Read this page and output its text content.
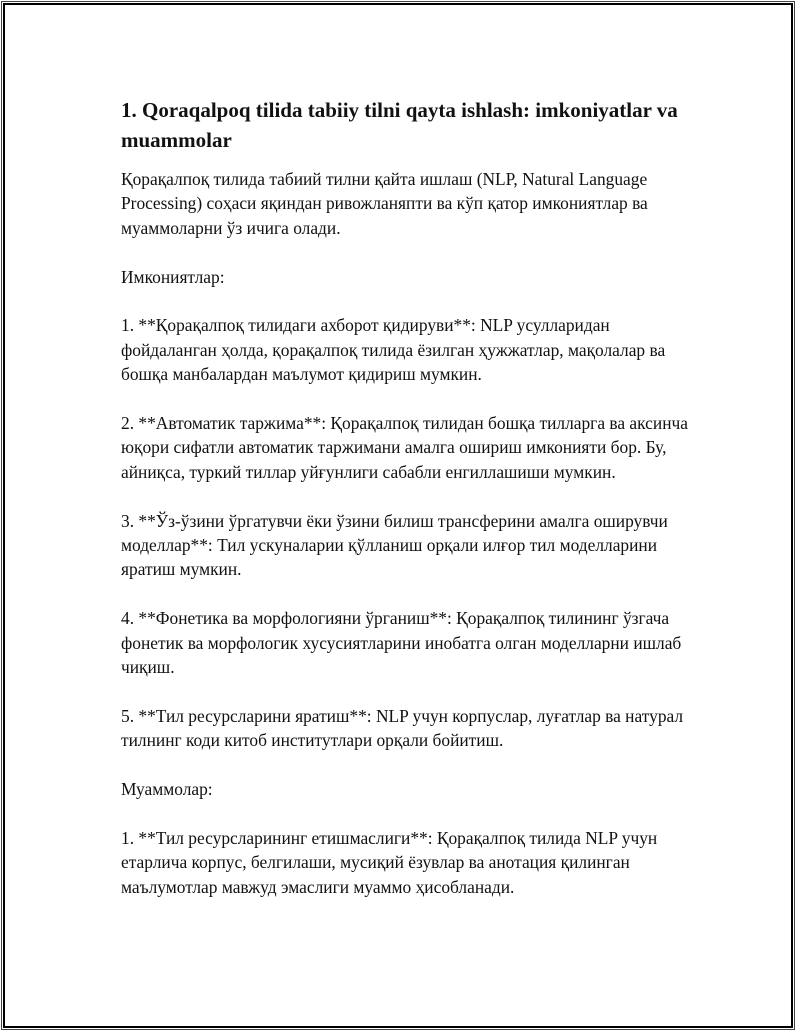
1. Qoraqalpoq tilida tabiiy tilni qayta ishlash: imkoniyatlar va muammolar

Қорақалпоқ тилида табиий тилни қайта ишлаш (NLP, Natural Language Processing) соҳаси яқиндан ривожланяпти ва кўп қатор имкониятлар ва муаммоларни ўз ичига олади.

Имкониятлар:

1. **Қорақалпоқ тилидаги ахборот қидируви**: NLP усулларидан фойдаланган ҳолда, қорақалпоқ тилида ёзилган ҳужжатлар, мақолалар ва бошқа манбалардан маълумот қидириш мумкин.

2. **Автоматик таржима**: Қорақалпоқ тилидан бошқа тилларга ва аксинча юқори сифатли автоматик таржимани амалга ошириш имконияти бор. Бу, айниқса, туркий тиллар уйғунлиги сабабли енгиллашиши мумкин.

3. **Ўз-ўзини ўргатувчи ёки ўзини билиш трансферини амалга оширувчи моделлар**: Тил ускуналарии қўлланиш орқали илғор тил моделларини яратиш мумкин.

4. **Фонетика ва морфологияни ўрганиш**: Қорақалпоқ тилининг ўзгача фонетик ва морфологик хусусиятларини инобатга олган моделларни ишлаб чиқиш.

5. **Тил ресурсларини яратиш**: NLP учун корпуслар, луғатлар ва натурал тилнинг коди китоб институтлари орқали бойитиш.

Муаммолар:

1. **Тил ресурсларининг етишмаслиги**: Қорақалпоқ тилида NLP учун етарлича корпус, белгилаши, мусиқий ёзувлар ва анотация қилинган маълумотлар мавжуд эмаслиги муаммо ҳисобланади.
